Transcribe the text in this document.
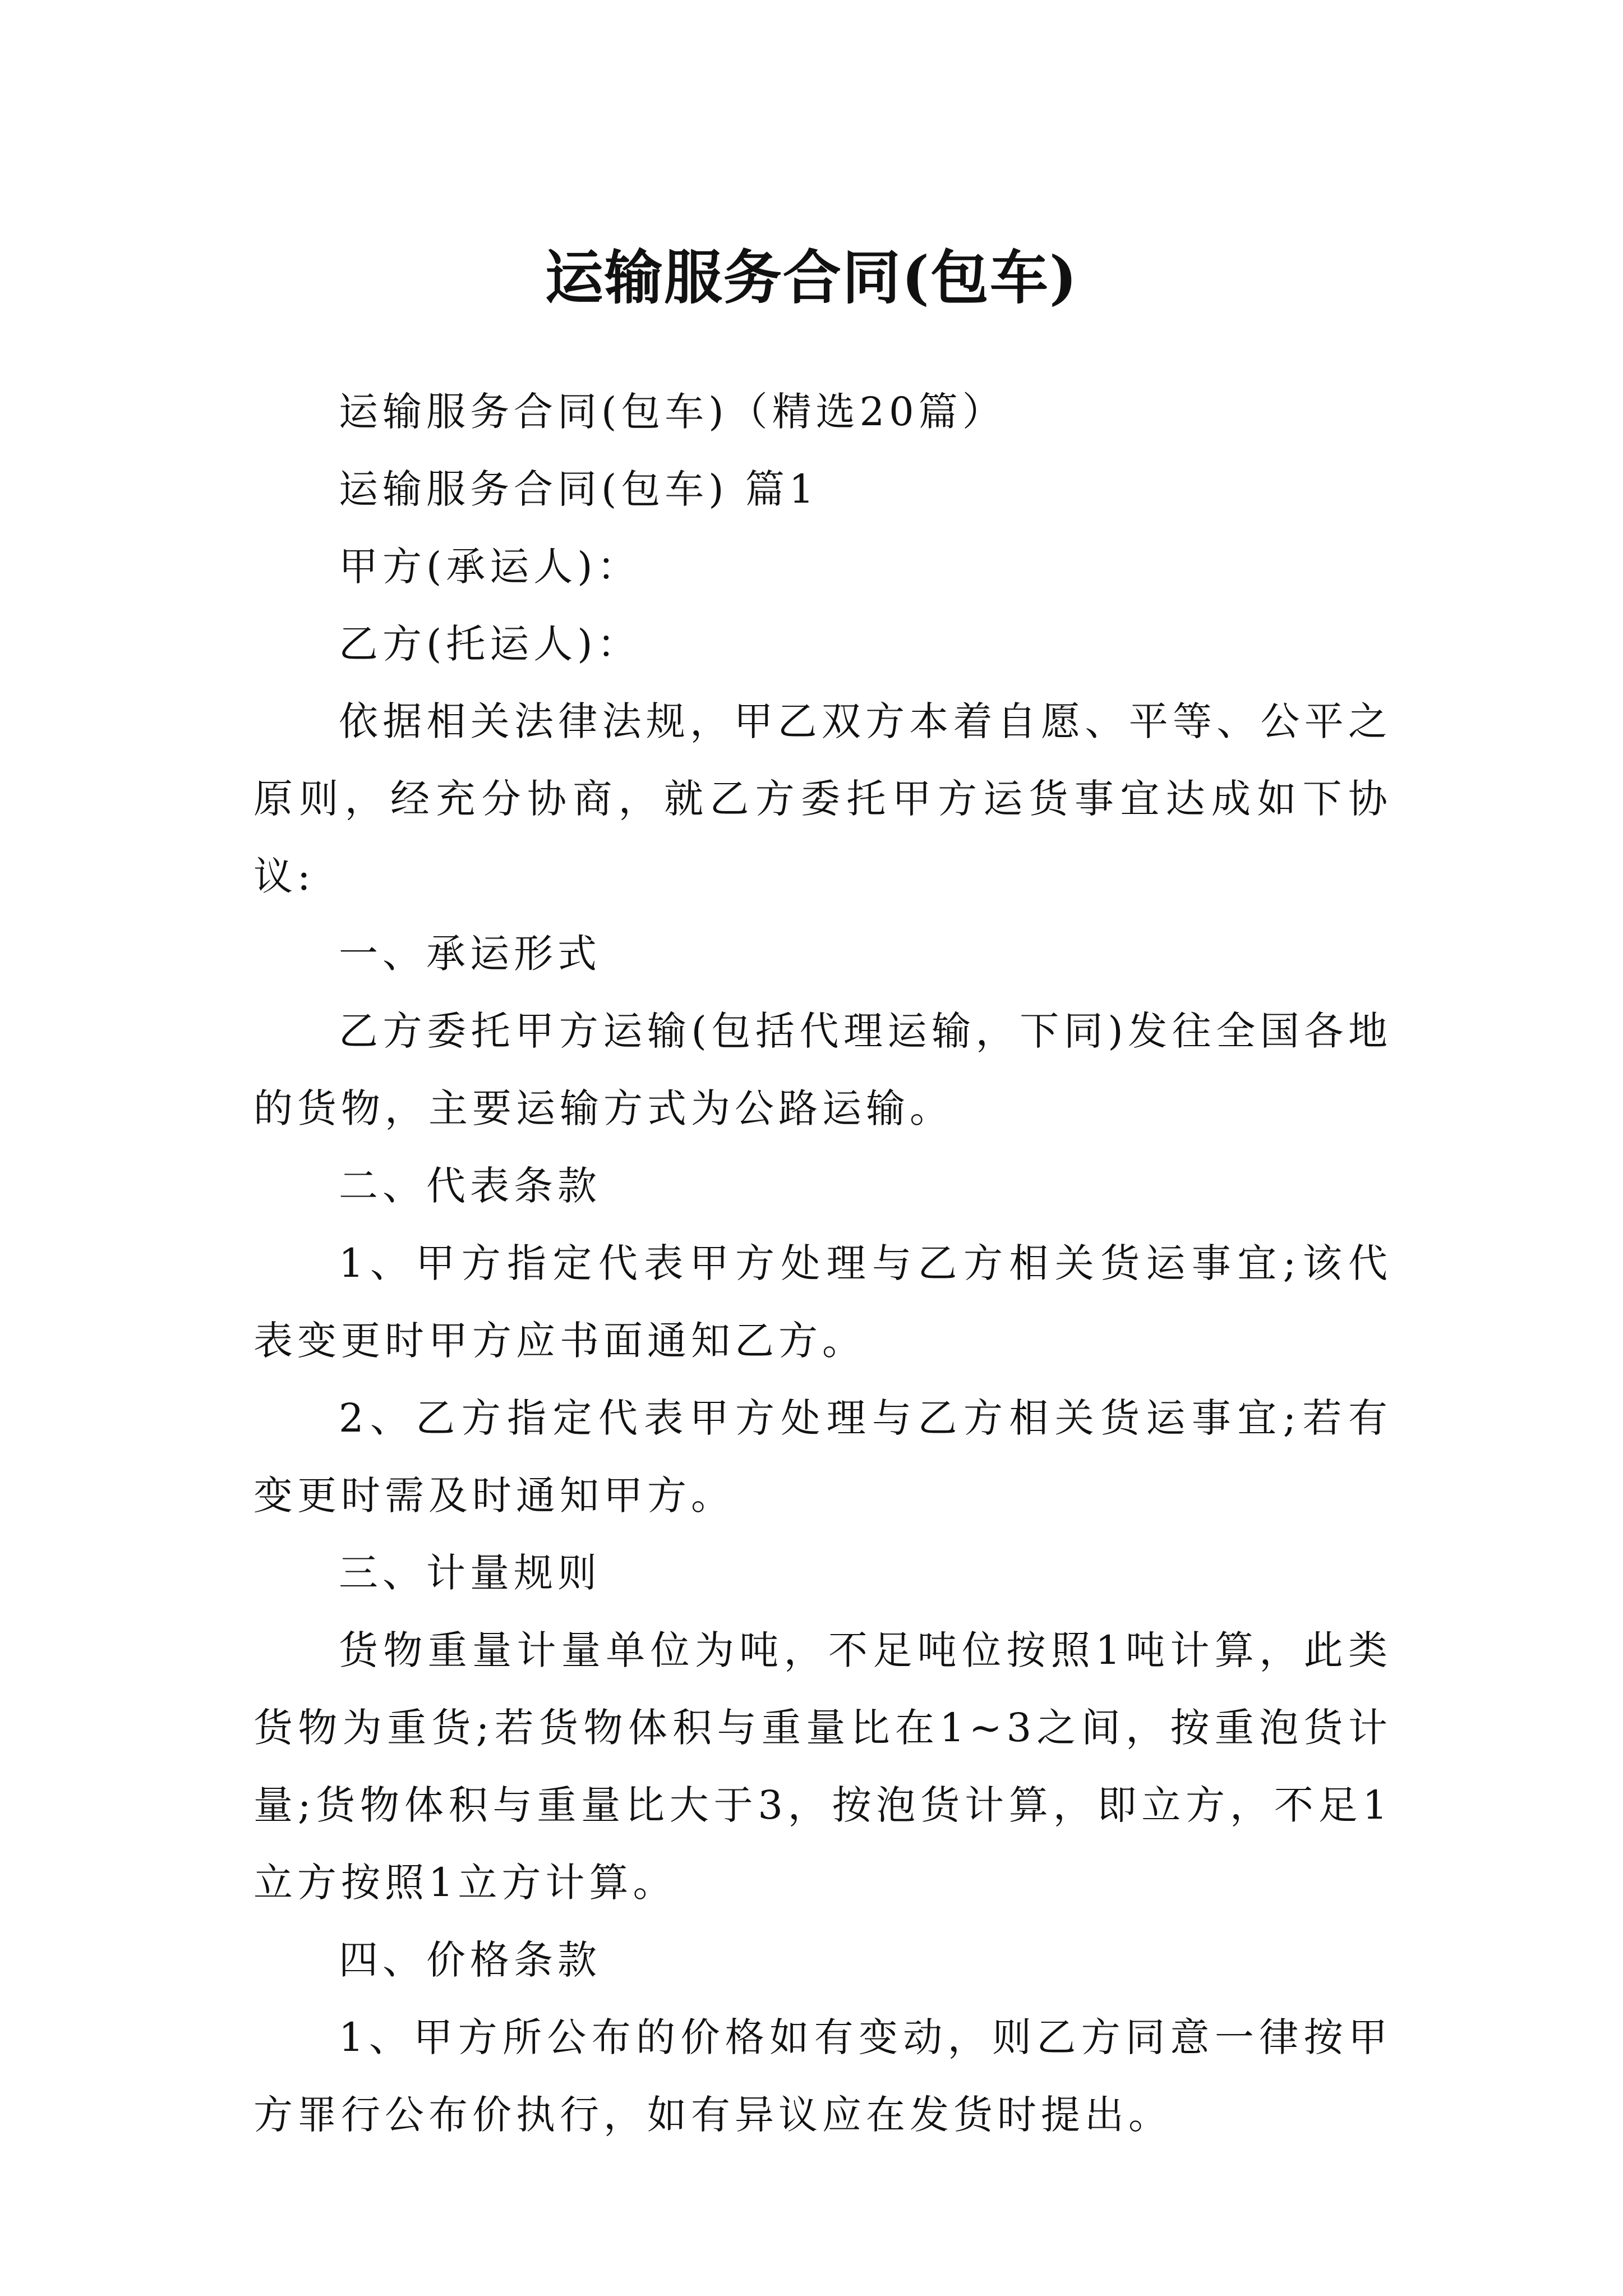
运输服务合同(包车)

运输服务合同(包车)（精选20篇）

运输服务合同(包车) 篇1

甲方(承运人)：

乙方(托运人)：

依据相关法律法规，甲乙双方本着自愿、平等、公平之原则，经充分协商，就乙方委托甲方运货事宜达成如下协议:

一、承运形式

乙方委托甲方运输(包括代理运输，下同)发往全国各地的货物，主要运输方式为公路运输。

二、代表条款

1、甲方指定代表甲方处理与乙方相关货运事宜;该代表变更时甲方应书面通知乙方。

2、乙方指定代表甲方处理与乙方相关货运事宜;若有变更时需及时通知甲方。

三、计量规则

货物重量计量单位为吨，不足吨位按照1吨计算，此类货物为重货;若货物体积与重量比在1~3之间，按重泡货计量;货物体积与重量比大于3，按泡货计算，即立方，不足1立方按照1立方计算。

四、价格条款

1、甲方所公布的价格如有变动，则乙方同意一律按甲方罪行公布价执行，如有异议应在发货时提出。
